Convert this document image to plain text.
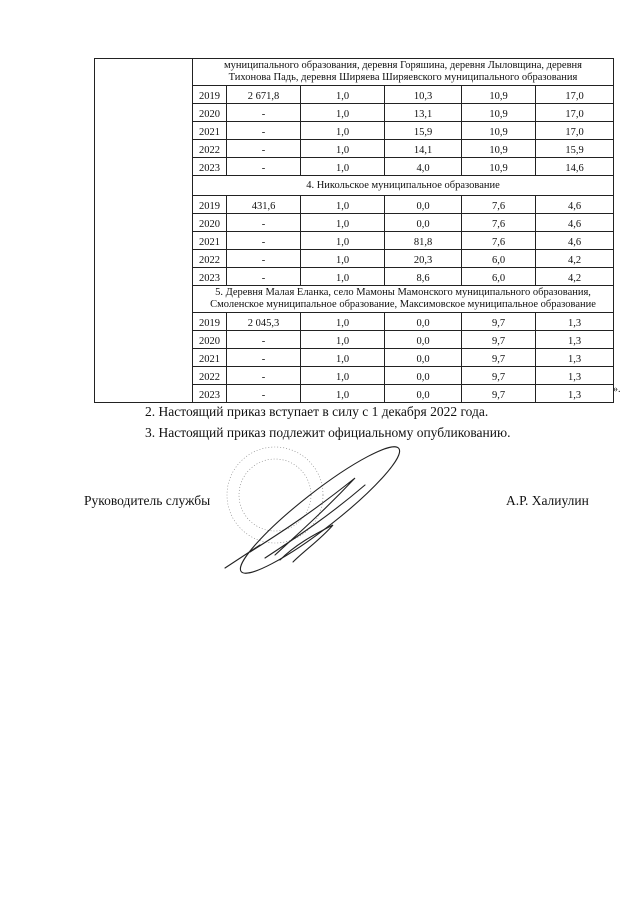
	муниципального образования, деревня Горяшина, деревня Лыловщина, деревня
Тихонова Падь, деревня Ширяева Ширяевского муниципального образования					

	2019	2 671,8	1,0	10,3	10,9	17,0
	2020	-	1,0	13,1	10,9	17,0
	2021	-	1,0	15,9	10,9	17,0
	2022	-	1,0	14,1	10,9	15,9
	2023	-	1,0	4,0	10,9	14,6

	4. Никольское муниципальное образование					

	2019	431,6	1,0	0,0	7,6	4,6
	2020	-	1,0	0,0	7,6	4,6
	2021	-	1,0	81,8	7,6	4,6
	2022	-	1,0	20,3	6,0	4,2
	2023	-	1,0	8,6	6,0	4,2

	5. Деревня Малая Еланка, село Мамоны Мамонского муниципального образования,
Смоленское муниципальное образование, Максимовское муниципальное образование					

	2019	2 045,3	1,0	0,0	9,7	1,3
	2020	-	1,0	0,0	9,7	1,3
	2021	-	1,0	0,0	9,7	1,3
	2022	-	1,0	0,0	9,7	1,3
	2023	-	1,0	0,0	9,7	1,3
».
2. Настоящий приказ вступает в силу с 1 декабря 2022 года.
3. Настоящий приказ подлежит официальному опубликованию.
Руководитель службы	А.Р. Халиулин
